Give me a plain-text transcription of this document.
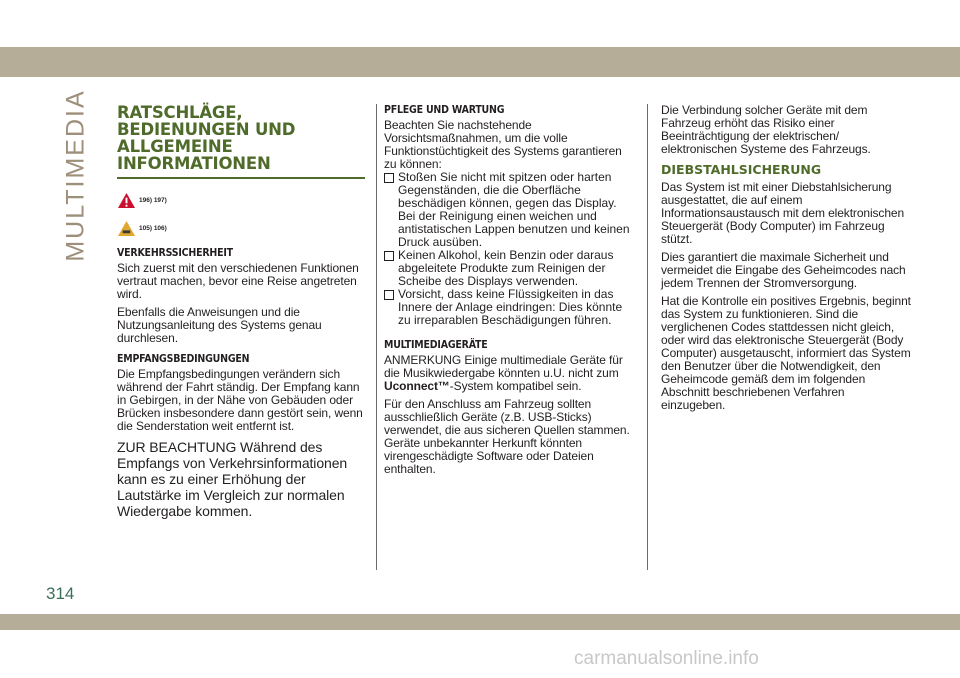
MULTIMEDIA RATSCHLÄGE,
BEDIENUNGEN UND
ALLGEMEINE
INFORMATIONEN
196) 197)
105) 106)
VERKEHRSSICHERHEIT

Sich zuerst mit den verschiedenen Funktionen vertraut machen, bevor eine Reise angetreten wird.

Ebenfalls die Anweisungen und die Nutzungsanleitung des Systems genau durchlesen.

EMPFANGSBEDINGUNGEN

Die Empfangsbedingungen verändern sich während der Fahrt ständig. Der Empfang kann in Gebirgen, in der Nähe von Gebäuden oder Brücken insbesondere dann gestört sein, wenn die Senderstation weit entfernt ist.

ZUR BEACHTUNG Während des Empfangs von Verkehrsinformationen kann es zu einer Erhöhung der Lautstärke im Vergleich zur normalen Wiedergabe kommen.

PFLEGE UND WARTUNG

Beachten Sie nachstehende Vorsichtsmaßnahmen, um die volle Funktionstüchtigkeit des Systems garantieren zu können:

Stoßen Sie nicht mit spitzen oder harten Gegenständen, die die Oberfläche beschädigen können, gegen das Display. Bei der Reinigung einen weichen und antistatischen Lappen benutzen und keinen Druck ausüben.
Keinen Alkohol, kein Benzin oder daraus abgeleitete Produkte zum Reinigen der Scheibe des Displays verwenden.
Vorsicht, dass keine Flüssigkeiten in das Innere der Anlage eindringen: Dies könnte zu irreparablen Beschädigungen führen.
MULTIMEDIAGERÄTE

ANMERKUNG Einige multimediale Geräte für die Musikwiedergabe könnten u.U. nicht zum Uconnect™-System kompatibel sein.

Für den Anschluss am Fahrzeug sollten ausschließlich Geräte (z.B. USB-Sticks) verwendet, die aus sicheren Quellen stammen. Geräte unbekannter Herkunft könnten virengeschädigte Software oder Dateien enthalten.

Die Verbindung solcher Geräte mit dem Fahrzeug erhöht das Risiko einer Beeinträchtigung der elektrischen/ elektronischen Systeme des Fahrzeugs.

DIEBSTAHLSICHERUNG

Das System ist mit einer Diebstahlsicherung ausgestattet, die auf einem Informationsaustausch mit dem elektronischen Steuergerät (Body Computer) im Fahrzeug stützt.

Dies garantiert die maximale Sicherheit und vermeidet die Eingabe des Geheimcodes nach jedem Trennen der Stromversorgung.

Hat die Kontrolle ein positives Ergebnis, beginnt das System zu funktionieren. Sind die verglichenen Codes stattdessen nicht gleich, oder wird das elektronische Steuergerät (Body Computer) ausgetauscht, informiert das System den Benutzer über die Notwendigkeit, den Geheimcode gemäß dem im folgenden Abschnitt beschriebenen Verfahren einzugeben.

314
carmanualsonline.info
